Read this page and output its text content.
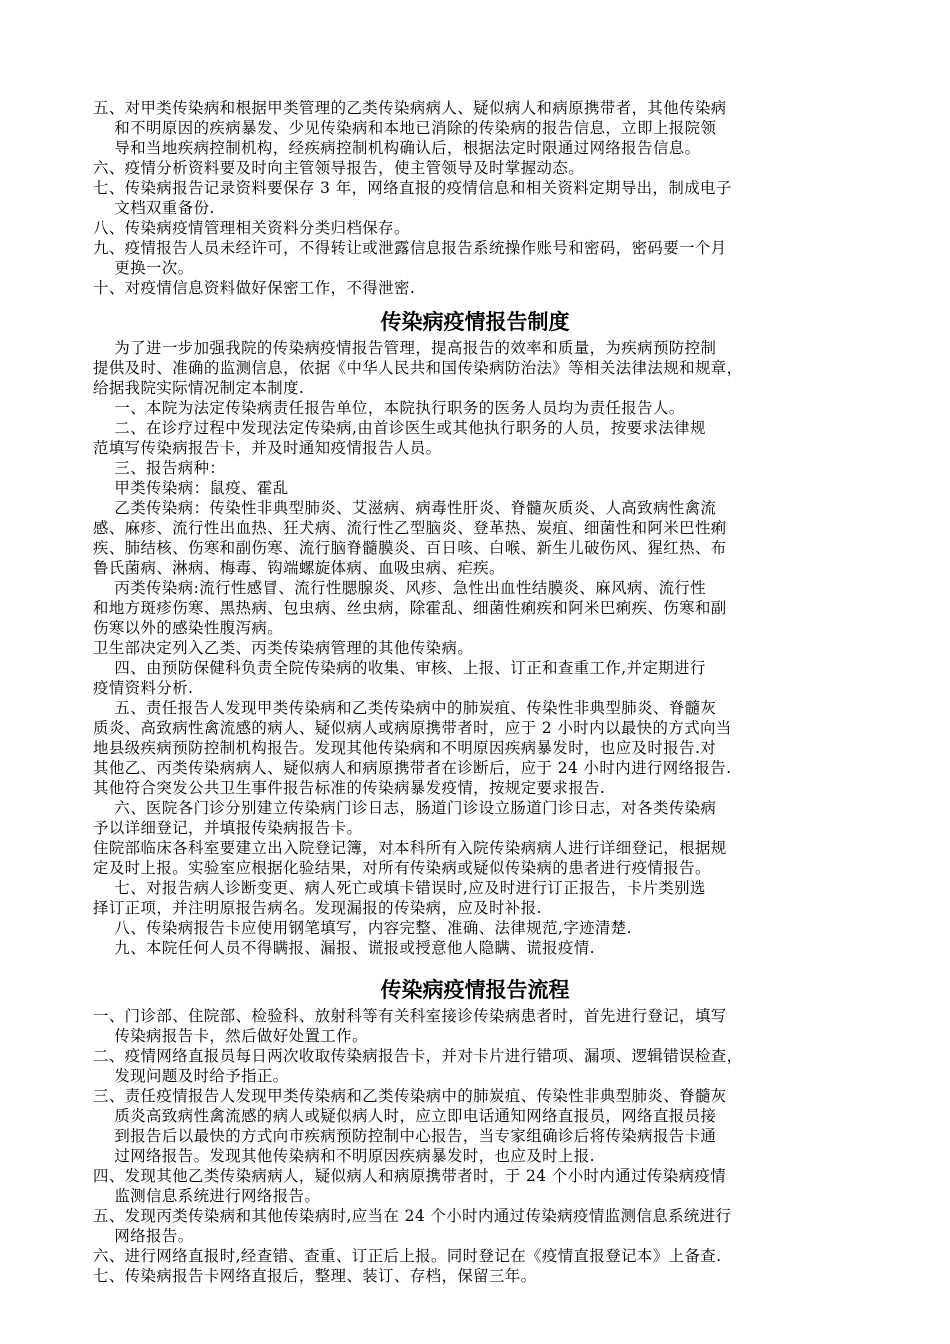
五、对甲类传染病和根据甲类管理的乙类传染病病人、疑似病人和病原携带者，其他传染病
和不明原因的疾病暴发、少见传染病和本地已消除的传染病的报告信息，立即上报院领
导和当地疾病控制机构，经疾病控制机构确认后，根据法定时限通过网络报告信息。
六、疫情分析资料要及时向主管领导报告，使主管领导及时掌握动态。
七、传染病报告记录资料要保存 3 年，网络直报的疫情信息和相关资料定期导出，制成电子
文档双重备份.
八、传染病疫情管理相关资料分类归档保存。
九、疫情报告人员未经许可，不得转让或泄露信息报告系统操作账号和密码，密码要一个月
更换一次。
十、对疫情信息资料做好保密工作，不得泄密.
传染病疫情报告制度
为了进一步加强我院的传染病疫情报告管理，提高报告的效率和质量，为疾病预防控制
提供及时、准确的监测信息，依据《中华人民共和国传染病防治法》等相关法律法规和规章，
给据我院实际情况制定本制度.
一、本院为法定传染病责任报告单位，本院执行职务的医务人员均为责任报告人。
二、在诊疗过程中发现法定传染病,由首诊医生或其他执行职务的人员，按要求法律规
范填写传染病报告卡，并及时通知疫情报告人员。
三、报告病种：
甲类传染病：鼠疫、霍乱
乙类传染病：传染性非典型肺炎、艾滋病、病毒性肝炎、脊髓灰质炎、人高致病性禽流
感、麻疹、流行性出血热、狂犬病、流行性乙型脑炎、登革热、炭疽、细菌性和阿米巴性痢
疾、肺结核、伤寒和副伤寒、流行脑脊髓膜炎、百日咳、白喉、新生儿破伤风、猩红热、布
鲁氏菌病、淋病、梅毒、钩端螺旋体病、血吸虫病、疟疾。
丙类传染病:流行性感冒、流行性腮腺炎、风疹、急性出血性结膜炎、麻风病、流行性
和地方斑疹伤寒、黑热病、包虫病、丝虫病，除霍乱、细菌性痢疾和阿米巴痢疾、伤寒和副
伤寒以外的感染性腹泻病。
卫生部决定列入乙类、丙类传染病管理的其他传染病。
四、由预防保健科负责全院传染病的收集、审核、上报、订正和查重工作,并定期进行
疫情资料分析.
五、责任报告人发现甲类传染病和乙类传染病中的肺炭疽、传染性非典型肺炎、脊髓灰
质炎、高致病性禽流感的病人、疑似病人或病原携带者时，应于 2 小时内以最快的方式向当
地县级疾病预防控制机构报告。发现其他传染病和不明原因疾病暴发时，也应及时报告.对
其他乙、丙类传染病病人、疑似病人和病原携带者在诊断后，应于 24 小时内进行网络报告.
其他符合突发公共卫生事件报告标准的传染病暴发疫情，按规定要求报告.
六、医院各门诊分别建立传染病门诊日志，肠道门诊设立肠道门诊日志，对各类传染病
予以详细登记，并填报传染病报告卡。
住院部临床各科室要建立出入院登记簿，对本科所有入院传染病病人进行详细登记，根据规
定及时上报。实验室应根据化验结果，对所有传染病或疑似传染病的患者进行疫情报告。
七、对报告病人诊断变更、病人死亡或填卡错误时,应及时进行订正报告，卡片类别选
择订正项，并注明原报告病名。发现漏报的传染病，应及时补报.
八、传染病报告卡应使用钢笔填写，内容完整、准确、法律规范,字迹清楚.
九、本院任何人员不得瞒报、漏报、谎报或授意他人隐瞒、谎报疫情.
传染病疫情报告流程
一、门诊部、住院部、检验科、放射科等有关科室接诊传染病患者时，首先进行登记，填写
传染病报告卡，然后做好处置工作。
二、疫情网络直报员每日两次收取传染病报告卡，并对卡片进行错项、漏项、逻辑错误检查，
发现问题及时给予指正。
三、责任疫情报告人发现甲类传染病和乙类传染病中的肺炭疽、传染性非典型肺炎、脊髓灰
质炎高致病性禽流感的病人或疑似病人时，应立即电话通知网络直报员，网络直报员接
到报告后以最快的方式向市疾病预防控制中心报告，当专家组确诊后将传染病报告卡通
过网络报告。发现其他传染病和不明原因疾病暴发时，也应及时上报.
四、发现其他乙类传染病病人，疑似病人和病原携带者时，于 24 个小时内通过传染病疫情
监测信息系统进行网络报告。
五、发现丙类传染病和其他传染病时,应当在 24 个小时内通过传染病疫情监测信息系统进行
网络报告。
六、进行网络直报时,经查错、查重、订正后上报。同时登记在《疫情直报登记本》上备查.
七、传染病报告卡网络直报后，整理、装订、存档，保留三年。
